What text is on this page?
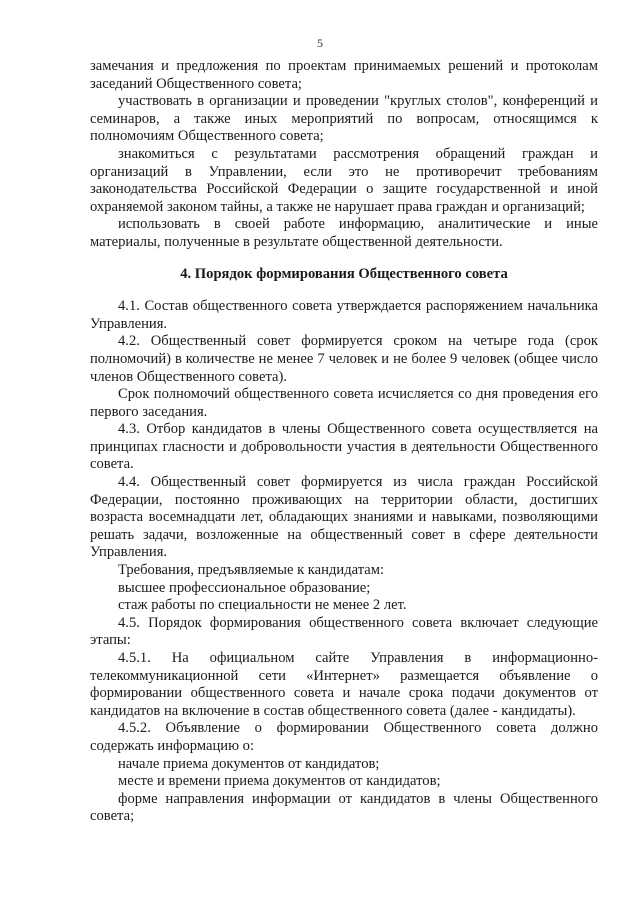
5

замечания и предложения по проектам принимаемых решений и протоколам заседаний Общественного совета;

участвовать в организации и проведении "круглых столов", конференций и семинаров, а также иных мероприятий по вопросам, относящимся к полномочиям Общественного совета;

знакомиться с результатами рассмотрения обращений граждан и организаций в Управлении, если это не противоречит требованиям законодательства Российской Федерации о защите государственной и иной охраняемой законом тайны, а также не нарушает права граждан и организаций;

использовать в своей работе информацию, аналитические и иные материалы, полученные в результате общественной деятельности.

4. Порядок формирования Общественного совета

4.1. Состав общественного совета утверждается распоряжением начальника Управления.

4.2. Общественный совет формируется сроком на четыре года (срок полномочий) в количестве не менее 7 человек и не более 9 человек (общее число членов Общественного совета).

Срок полномочий общественного совета исчисляется со дня проведения его первого заседания.

4.3. Отбор кандидатов в члены Общественного совета осуществляется на принципах гласности и добровольности участия в деятельности Общественного совета.

4.4. Общественный совет формируется из числа граждан Российской Федерации, постоянно проживающих на территории области, достигших возраста восемнадцати лет, обладающих знаниями и навыками, позволяющими решать задачи, возложенные на общественный совет в сфере деятельности Управления.

Требования, предъявляемые к кандидатам:

высшее профессиональное образование;

стаж работы по специальности не менее 2 лет.

4.5. Порядок формирования общественного совета включает следующие этапы:

4.5.1. На официальном сайте Управления в информационно-телекоммуникационной сети «Интернет» размещается объявление о формировании общественного совета и начале срока подачи документов от кандидатов на включение в состав общественного совета (далее - кандидаты).

4.5.2. Объявление о формировании Общественного совета должно содержать информацию о:

начале приема документов от кандидатов;

месте и времени приема документов от кандидатов;

форме направления информации от кандидатов в члены Общественного совета;
